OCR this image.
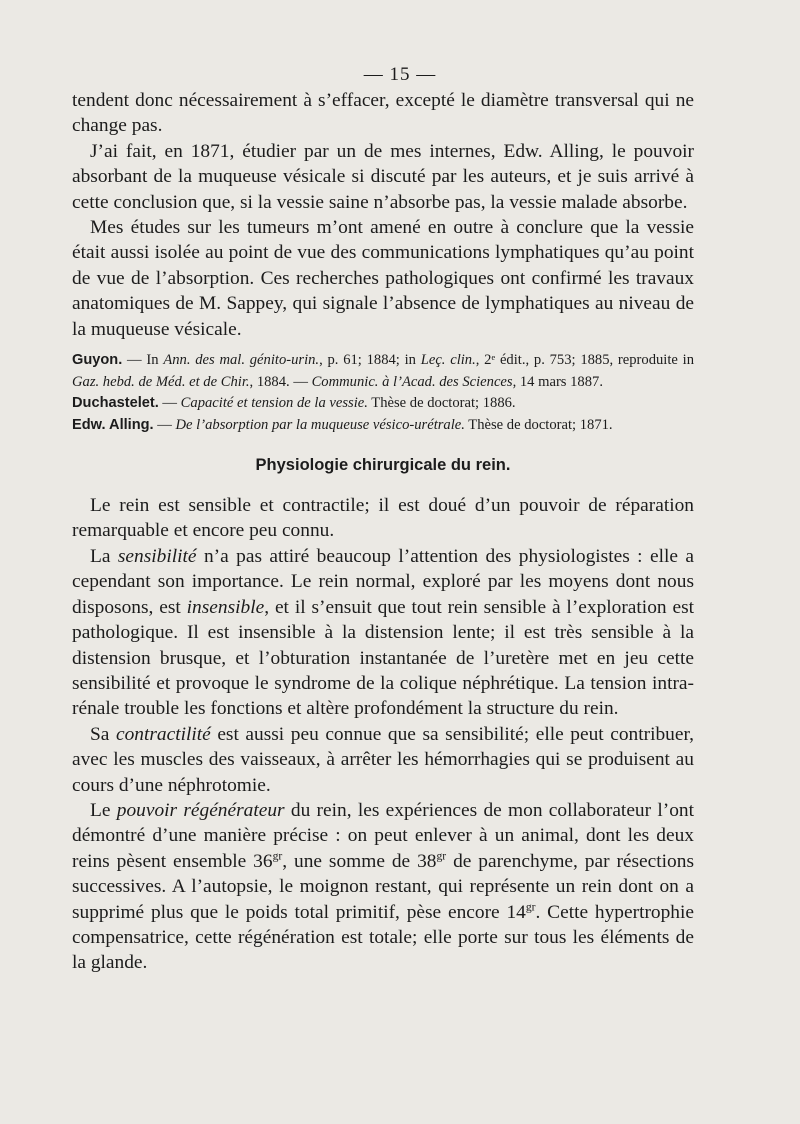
— 15 —

tendent donc nécessairement à s’effacer, excepté le diamètre transversal qui ne change pas.

J’ai fait, en 1871, étudier par un de mes internes, Edw. Alling, le pouvoir absorbant de la muqueuse vésicale si discuté par les auteurs, et je suis arrivé à cette conclusion que, si la vessie saine n’absorbe pas, la vessie malade absorbe.

Mes études sur les tumeurs m’ont amené en outre à conclure que la vessie était aussi isolée au point de vue des communications lymphatiques qu’au point de vue de l’absorption. Ces recherches pathologiques ont confirmé les travaux anatomiques de M. Sappey, qui signale l’absence de lymphatiques au niveau de la muqueuse vésicale.

Guyon. — In Ann. des mal. génito-urin., p. 61; 1884; in Leç. clin., 2ᵉ édit., p. 753; 1885, reproduite in Gaz. hebd. de Méd. et de Chir., 1884. — Communic. à l’Acad. des Sciences, 14 mars 1887.

Duchastelet. — Capacité et tension de la vessie. Thèse de doctorat; 1886.

Edw. Alling. — De l’absorption par la muqueuse vésico-urétrale. Thèse de doctorat; 1871.

Physiologie chirurgicale du rein.

Le rein est sensible et contractile; il est doué d’un pouvoir de réparation remarquable et encore peu connu.

La sensibilité n’a pas attiré beaucoup l’attention des physiologistes : elle a cependant son importance. Le rein normal, exploré par les moyens dont nous disposons, est insensible, et il s’ensuit que tout rein sensible à l’exploration est pathologique. Il est insensible à la distension lente; il est très sensible à la distension brusque, et l’obturation instantanée de l’uretère met en jeu cette sensibilité et provoque le syndrome de la colique néphrétique. La tension intra-rénale trouble les fonctions et altère profondément la structure du rein.

Sa contractilité est aussi peu connue que sa sensibilité; elle peut contribuer, avec les muscles des vaisseaux, à arrêter les hémorrhagies qui se produisent au cours d’une néphrotomie.

Le pouvoir régénérateur du rein, les expériences de mon collaborateur l’ont démontré d’une manière précise : on peut enlever à un animal, dont les deux reins pèsent ensemble $36^{gr}$, une somme de $38^{gr}$ de parenchyme, par résections successives. A l’autopsie, le moignon restant, qui représente un rein dont on a supprimé plus que le poids total primitif, pèse encore $14^{gr}$. Cette hypertrophie compensatrice, cette régénération est totale; elle porte sur tous les éléments de la glande.
